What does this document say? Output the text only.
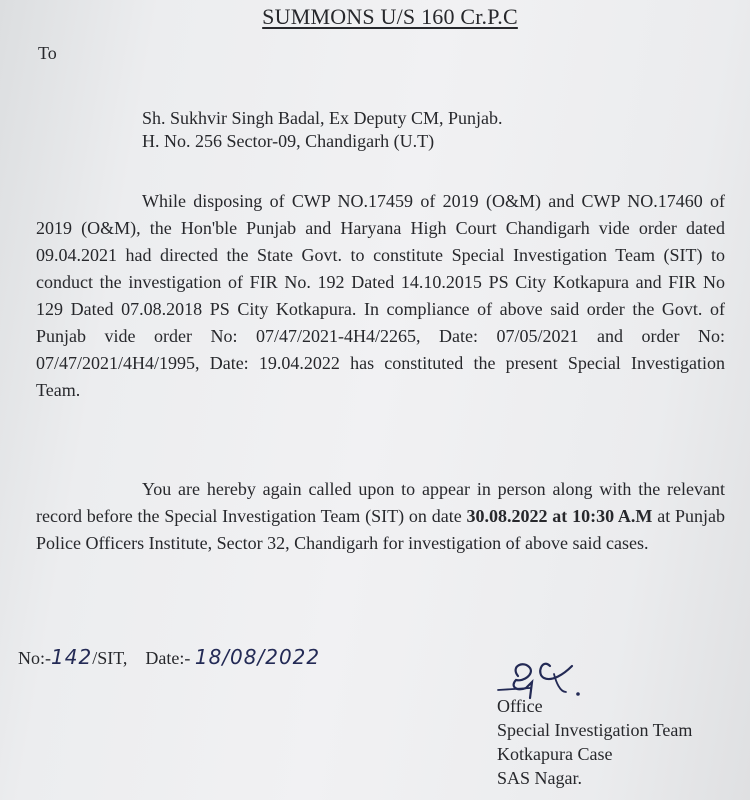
SUMMONS U/S 160 Cr.P.C
To
Sh. Sukhvir Singh Badal, Ex Deputy CM, Punjab.
H. No. 256 Sector-09, Chandigarh (U.T)

While disposing of CWP NO.17459 of 2019 (O&M) and CWP NO.17460 of 2019 (O&M), the Hon'ble Punjab and Haryana High Court Chandigarh vide order dated 09.04.2021 had directed the State Govt. to constitute Special Investigation Team (SIT) to conduct the investigation of FIR No. 192 Dated 14.10.2015 PS City Kotkapura and FIR No 129 Dated 07.08.2018 PS City Kotkapura. In compliance of above said order the Govt. of Punjab vide order No: 07/47/2021-4H4/2265, Date: 07/05/2021 and order No: 07/47/2021/4H4/1995, Date: 19.04.2022 has constituted the present Special Investigation Team.

You are hereby again called upon to appear in person along with the relevant record before the Special Investigation Team (SIT) on date 30.08.2022 at 10:30 A.M at Punjab Police Officers Institute, Sector 32, Chandigarh for investigation of above said cases.

No:-142/SIT, Date:- 18/08/2022
Office
Special Investigation Team
Kotkapura Case
SAS Nagar.
